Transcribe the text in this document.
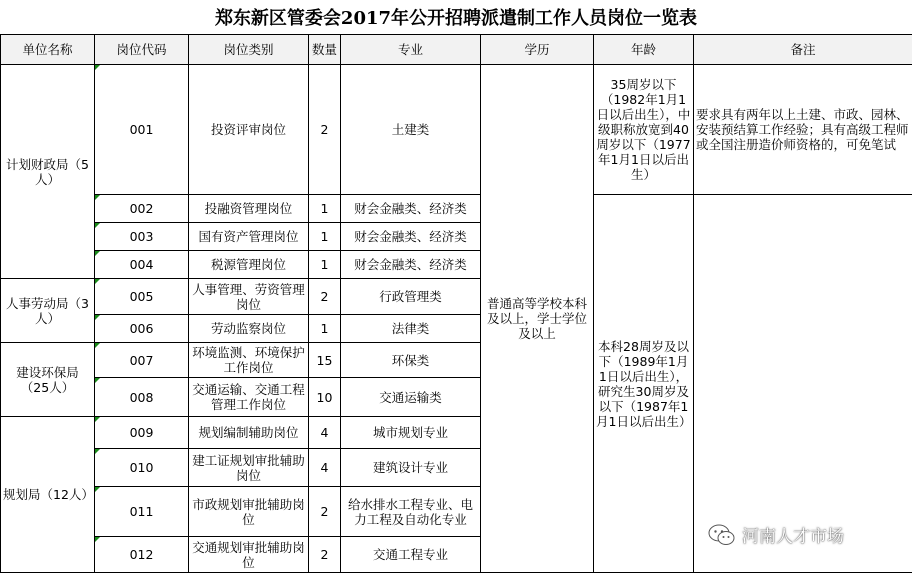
郑东新区管委会2017年公开招聘派遣制工作人员岗位一览表
单位名称	岗位代码	岗位类别	数量	专业	学历	年龄	备注
计划财政局（5人）	001	投资评审岗位	2	土建类	普通高等学校本科及以上，学士学位及以上	35周岁以下（1982年1月1日以后出生），中级职称放宽到40周岁以下（1977年1月1日以后出生）	要求具有两年以上土建、市政、园林、安装预结算工作经验；具有高级工程师或全国注册造价师资格的，可免笔试
	002	投融资管理岗位	1	财会金融类、经济类		本科28周岁及以下（1989年1月1日以后出生），研究生30周岁及以下（1987年1月1日以后出生）	
	003	国有资产管理岗位	1	财会金融类、经济类			
	004	税源管理岗位	1	财会金融类、经济类			
人事劳动局（3人）	005	人事管理、劳资管理岗位	2	行政管理类			
	006	劳动监察岗位	1	法律类			
建设环保局（25人）	007	环境监测、环境保护工作岗位	15	环保类			
	008	交通运输、交通工程管理工作岗位	10	交通运输类			
规划局（12人）	009	规划编制辅助岗位	4	城市规划专业			
	010	建工证规划审批辅助岗位	4	建筑设计专业			
	011	市政规划审批辅助岗位	2	给水排水工程专业、电力工程及自动化专业			
	012	交通规划审批辅助岗位	2	交通工程专业			
河南人才市场
